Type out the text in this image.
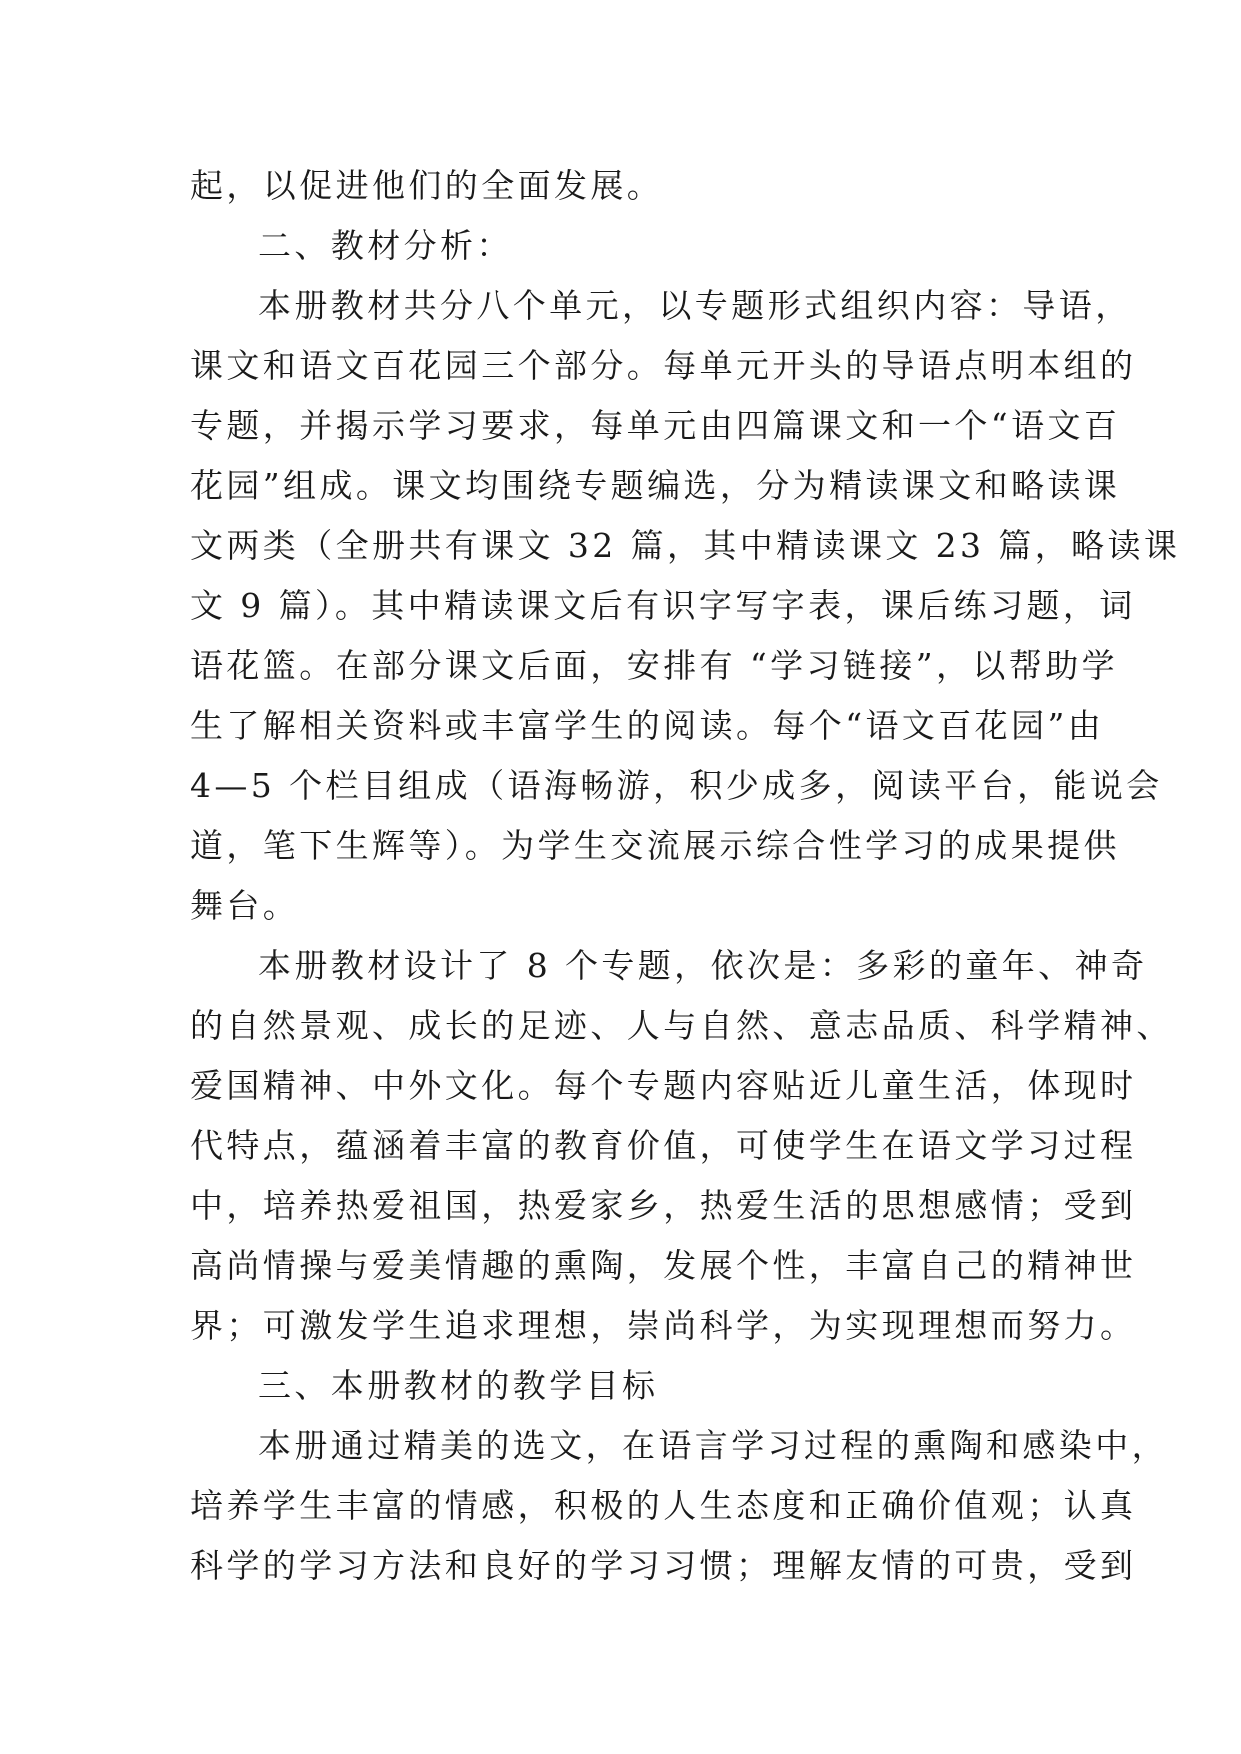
起，以促进他们的全面发展。
二、教材分析：
本册教材共分八个单元，以专题形式组织内容：导语，
课文和语文百花园三个部分。每单元开头的导语点明本组的
专题，并揭示学习要求，每单元由四篇课文和一个“语文百
花园”组成。课文均围绕专题编选，分为精读课文和略读课
文两类（全册共有课文 32 篇，其中精读课文 23 篇，略读课
文 9 篇）。其中精读课文后有识字写字表，课后练习题，词
语花篮。在部分课文后面，安排有 “学习链接”，以帮助学
生了解相关资料或丰富学生的阅读。每个“语文百花园”由
4—5 个栏目组成（语海畅游，积少成多，阅读平台，能说会
道，笔下生辉等）。为学生交流展示综合性学习的成果提供
舞台。
本册教材设计了 8 个专题，依次是：多彩的童年、神奇
的自然景观、成长的足迹、人与自然、意志品质、科学精神、
爱国精神、中外文化。每个专题内容贴近儿童生活，体现时
代特点，蕴涵着丰富的教育价值，可使学生在语文学习过程
中，培养热爱祖国，热爱家乡，热爱生活的思想感情；受到
高尚情操与爱美情趣的熏陶，发展个性，丰富自己的精神世
界；可激发学生追求理想，崇尚科学，为实现理想而努力。
三、本册教材的教学目标
本册通过精美的选文，在语言学习过程的熏陶和感染中，
培养学生丰富的情感，积极的人生态度和正确价值观；认真
科学的学习方法和良好的学习习惯；理解友情的可贵，受到
